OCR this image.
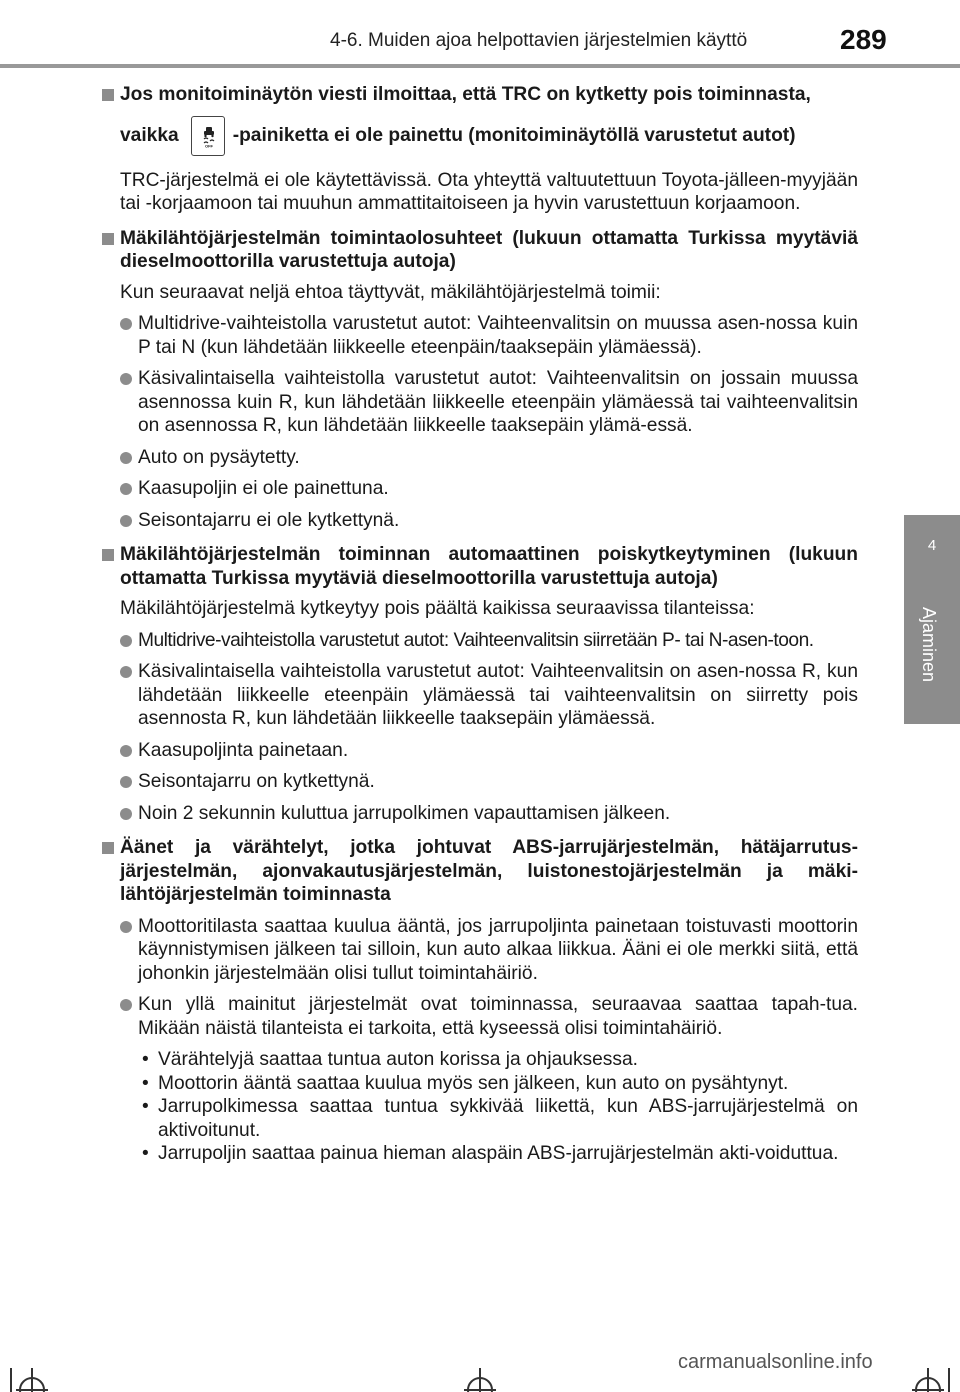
4-6. Muiden ajoa helpottavien järjestelmien käyttö	289
4
Ajaminen
Jos monitoiminäytön viesti ilmoittaa, että TRC on kytketty pois toiminnasta,
vaikka	OFF -painiketta ei ole painettu (monitoiminäytöllä varustetut autot)
TRC-järjestelmä ei ole käytettävissä. Ota yhteyttä valtuutettuun Toyota-jälleen-myyjään tai -korjaamoon tai muuhun ammattitaitoiseen ja hyvin varustettuun korjaamoon.
Mäkilähtöjärjestelmän toimintaolosuhteet (lukuun ottamatta Turkissa myytäviä dieselmoottorilla varustettuja autoja)
Kun seuraavat neljä ehtoa täyttyvät, mäkilähtöjärjestelmä toimii:
Multidrive-vaihteistolla varustetut autot: Vaihteenvalitsin on muussa asen-nossa kuin P tai N (kun lähdetään liikkeelle eteenpäin/taaksepäin ylämäessä).
Käsivalintaisella vaihteistolla varustetut autot: Vaihteenvalitsin on jossain muussa asennossa kuin R, kun lähdetään liikkeelle eteenpäin ylämäessä tai vaihteenvalitsin on asennossa R, kun lähdetään liikkeelle taaksepäin ylämä-essä.
Auto on pysäytetty.
Kaasupoljin ei ole painettuna.
Seisontajarru ei ole kytkettynä.
Mäkilähtöjärjestelmän toiminnan automaattinen poiskytkeytyminen (lukuun ottamatta Turkissa myytäviä dieselmoottorilla varustettuja autoja)
Mäkilähtöjärjestelmä kytkeytyy pois päältä kaikissa seuraavissa tilanteissa:
Multidrive-vaihteistolla varustetut autot: Vaihteenvalitsin siirretään P- tai N-asen-toon.
Käsivalintaisella vaihteistolla varustetut autot: Vaihteenvalitsin on asen-nossa R, kun lähdetään liikkeelle eteenpäin ylämäessä tai vaihteenvalitsin on siirretty pois asennosta R, kun lähdetään liikkeelle taaksepäin ylämäessä.
Kaasupoljinta painetaan.
Seisontajarru on kytkettynä.
Noin 2 sekunnin kuluttua jarrupolkimen vapauttamisen jälkeen.
Äänet ja värähtelyt, jotka johtuvat ABS-jarrujärjestelmän, hätäjarrutus-järjestelmän, ajonvakautusjärjestelmän, luistonestojärjestelmän ja mäki-lähtöjärjestelmän toiminnasta
Moottoritilasta saattaa kuulua ääntä, jos jarrupoljinta painetaan toistuvasti moottorin käynnistymisen jälkeen tai silloin, kun auto alkaa liikkua. Ääni ei ole merkki siitä, että johonkin järjestelmään olisi tullut toimintahäiriö.
Kun yllä mainitut järjestelmät ovat toiminnassa, seuraavaa saattaa tapah-tua. Mikään näistä tilanteista ei tarkoita, että kyseessä olisi toimintahäiriö.
• Värähtelyjä saattaa tuntua auton korissa ja ohjauksessa.
• Moottorin ääntä saattaa kuulua myös sen jälkeen, kun auto on pysähtynyt.
• Jarrupolkimessa saattaa tuntua sykkivää liikettä, kun ABS-jarrujärjestelmä on aktivoitunut.
• Jarrupoljin saattaa painua hieman alaspäin ABS-jarrujärjestelmän akti-voiduttua.
carmanualsonline.info
